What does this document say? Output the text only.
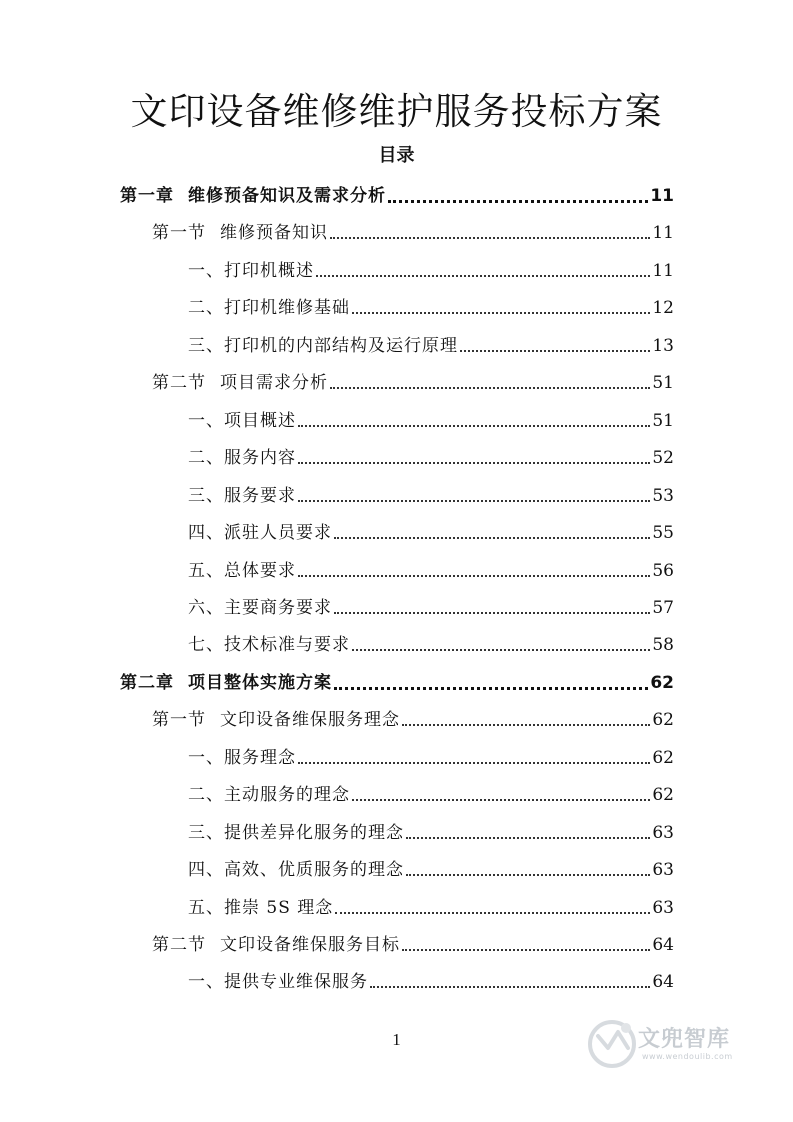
文印设备维修维护服务投标方案
目录
第一章 维修预备知识及需求分析	11
第一节 维修预备知识	11
一、打印机概述	11
二、打印机维修基础	12
三、打印机的内部结构及运行原理	13
第二节 项目需求分析	51
一、项目概述	51
二、服务内容	52
三、服务要求	53
四、派驻人员要求	55
五、总体要求	56
六、主要商务要求	57
七、技术标准与要求	58
第二章 项目整体实施方案	62
第一节 文印设备维保服务理念	62
一、服务理念	62
二、主动服务的理念	62
三、提供差异化服务的理念	63
四、高效、优质服务的理念	63
五、推崇 5S 理念	63
第二节 文印设备维保服务目标	64
一、提供专业维保服务	64
1	文兜智库
www.wendoulib.com
